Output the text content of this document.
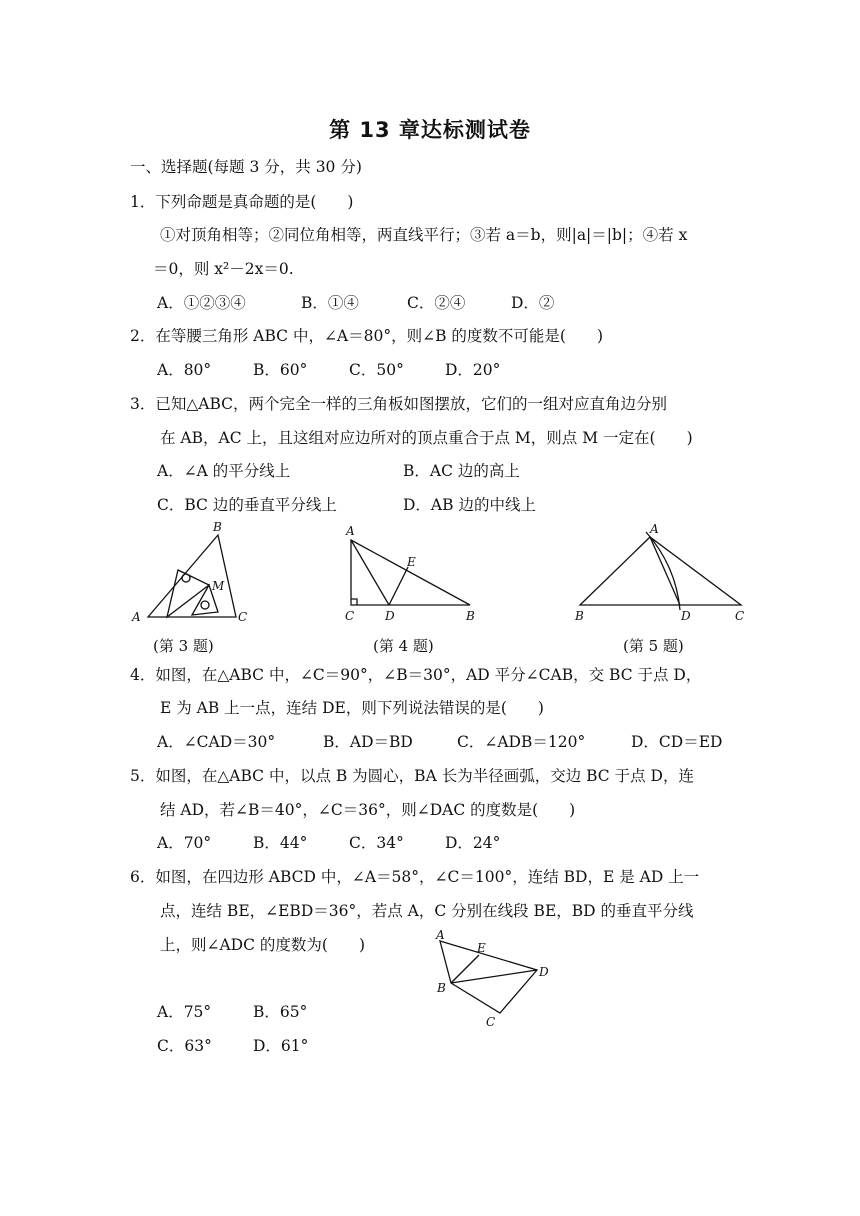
第 13 章达标测试卷
一、选择题(每题 3 分，共 30 分)
1．下列命题是真命题的是(　　)
①对顶角相等；②同位角相等，两直线平行；③若 a＝b，则|a|＝|b|；④若 x
＝0，则 x²－2x＝0.
A．①②③④	B．①④	C．②④	D．②
2．在等腰三角形 ABC 中，∠A＝80°，则∠B 的度数不可能是(　　)
A．80°	B．60°	C．50°	D．20°
3．已知△ABC，两个完全一样的三角板如图摆放，它们的一组对应直角边分别
在 AB，AC 上，且这组对应边所对的顶点重合于点 M，则点 M 一定在(　　)
A．∠A 的平分线上	B．AC 边的高上
C．BC 边的垂直平分线上	D．AB 边的中线上
A
B
C
M
A
B
C	D
E
A
B	C
D
(第 3 题)	(第 4 题)	(第 5 题)
4．如图，在△ABC 中，∠C＝90°，∠B＝30°，AD 平分∠CAB，交 BC 于点 D，
E 为 AB 上一点，连结 DE，则下列说法错误的是(　　)
A．∠CAD＝30°	B．AD＝BD	C．∠ADB＝120°	D．CD＝ED
5．如图，在△ABC 中，以点 B 为圆心，BA 长为半径画弧，交边 BC 于点 D，连
结 AD，若∠B＝40°，∠C＝36°，则∠DAC 的度数是(　　)
A．70°	B．44°	C．34°	D．24°
6．如图，在四边形 ABCD 中，∠A＝58°，∠C＝100°，连结 BD，E 是 AD 上一
点，连结 BE，∠EBD＝36°，若点 A，C 分别在线段 BE，BD 的垂直平分线
上，则∠ADC 的度数为(　　)
A．75°	B．65°
C．63°	D．61°
A
B
C
D
E
